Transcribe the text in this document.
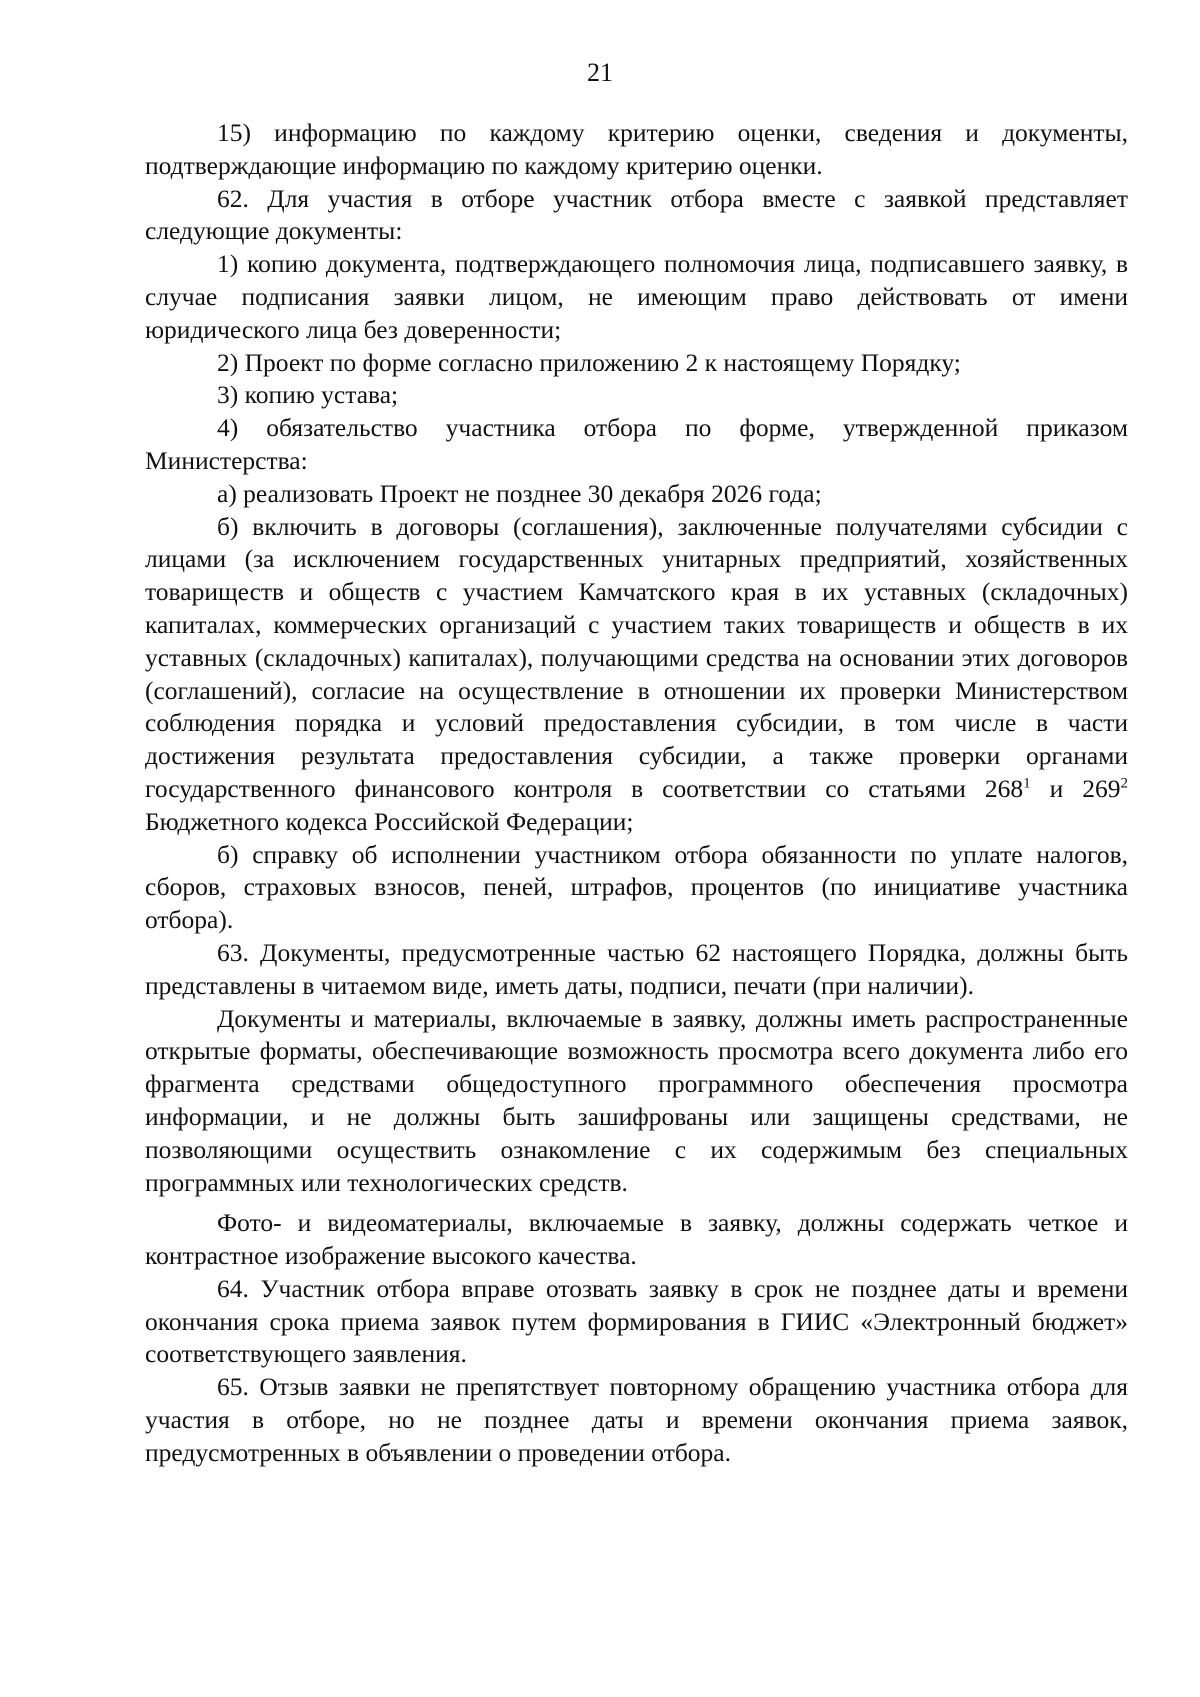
21

15) информацию по каждому критерию оценки, сведения и документы, подтверждающие информацию по каждому критерию оценки.

62. Для участия в отборе участник отбора вместе с заявкой представляет следующие документы:

1) копию документа, подтверждающего полномочия лица, подписавшего заявку, в случае подписания заявки лицом, не имеющим право действовать от имени юридического лица без доверенности;

2) Проект по форме согласно приложению 2 к настоящему Порядку;

3) копию устава;

4) обязательство участника отбора по форме, утвержденной приказом Министерства:

а) реализовать Проект не позднее 30 декабря 2026 года;

б) включить в договоры (соглашения), заключенные получателями субсидии с лицами (за исключением государственных унитарных предприятий, хозяйственных товариществ и обществ с участием Камчатского края в их уставных (складочных) капиталах, коммерческих организаций с участием таких товариществ и обществ в их уставных (складочных) капиталах), получающими средства на основании этих договоров (соглашений), согласие на осуществление в отношении их проверки Министерством соблюдения порядка и условий предоставления субсидии, в том числе в части достижения результата предоставления субсидии, а также проверки органами государственного финансового контроля в соответствии со статьями $268^1$ и $269^2$ Бюджетного кодекса Российской Федерации;

б) справку об исполнении участником отбора обязанности по уплате налогов, сборов, страховых взносов, пеней, штрафов, процентов (по инициативе участника отбора).

63. Документы, предусмотренные частью 62 настоящего Порядка, должны быть представлены в читаемом виде, иметь даты, подписи, печати (при наличии).

Документы и материалы, включаемые в заявку, должны иметь распространенные открытые форматы, обеспечивающие возможность просмотра всего документа либо его фрагмента средствами общедоступного программного обеспечения просмотра информации, и не должны быть зашифрованы или защищены средствами, не позволяющими осуществить ознакомление с их содержимым без специальных программных или технологических средств.

Фото- и видеоматериалы, включаемые в заявку, должны содержать четкое и контрастное изображение высокого качества.

64. Участник отбора вправе отозвать заявку в срок не позднее даты и времени окончания срока приема заявок путем формирования в ГИИС «Электронный бюджет» соответствующего заявления.

65. Отзыв заявки не препятствует повторному обращению участника отбора для участия в отборе, но не позднее даты и времени окончания приема заявок, предусмотренных в объявлении о проведении отбора.
